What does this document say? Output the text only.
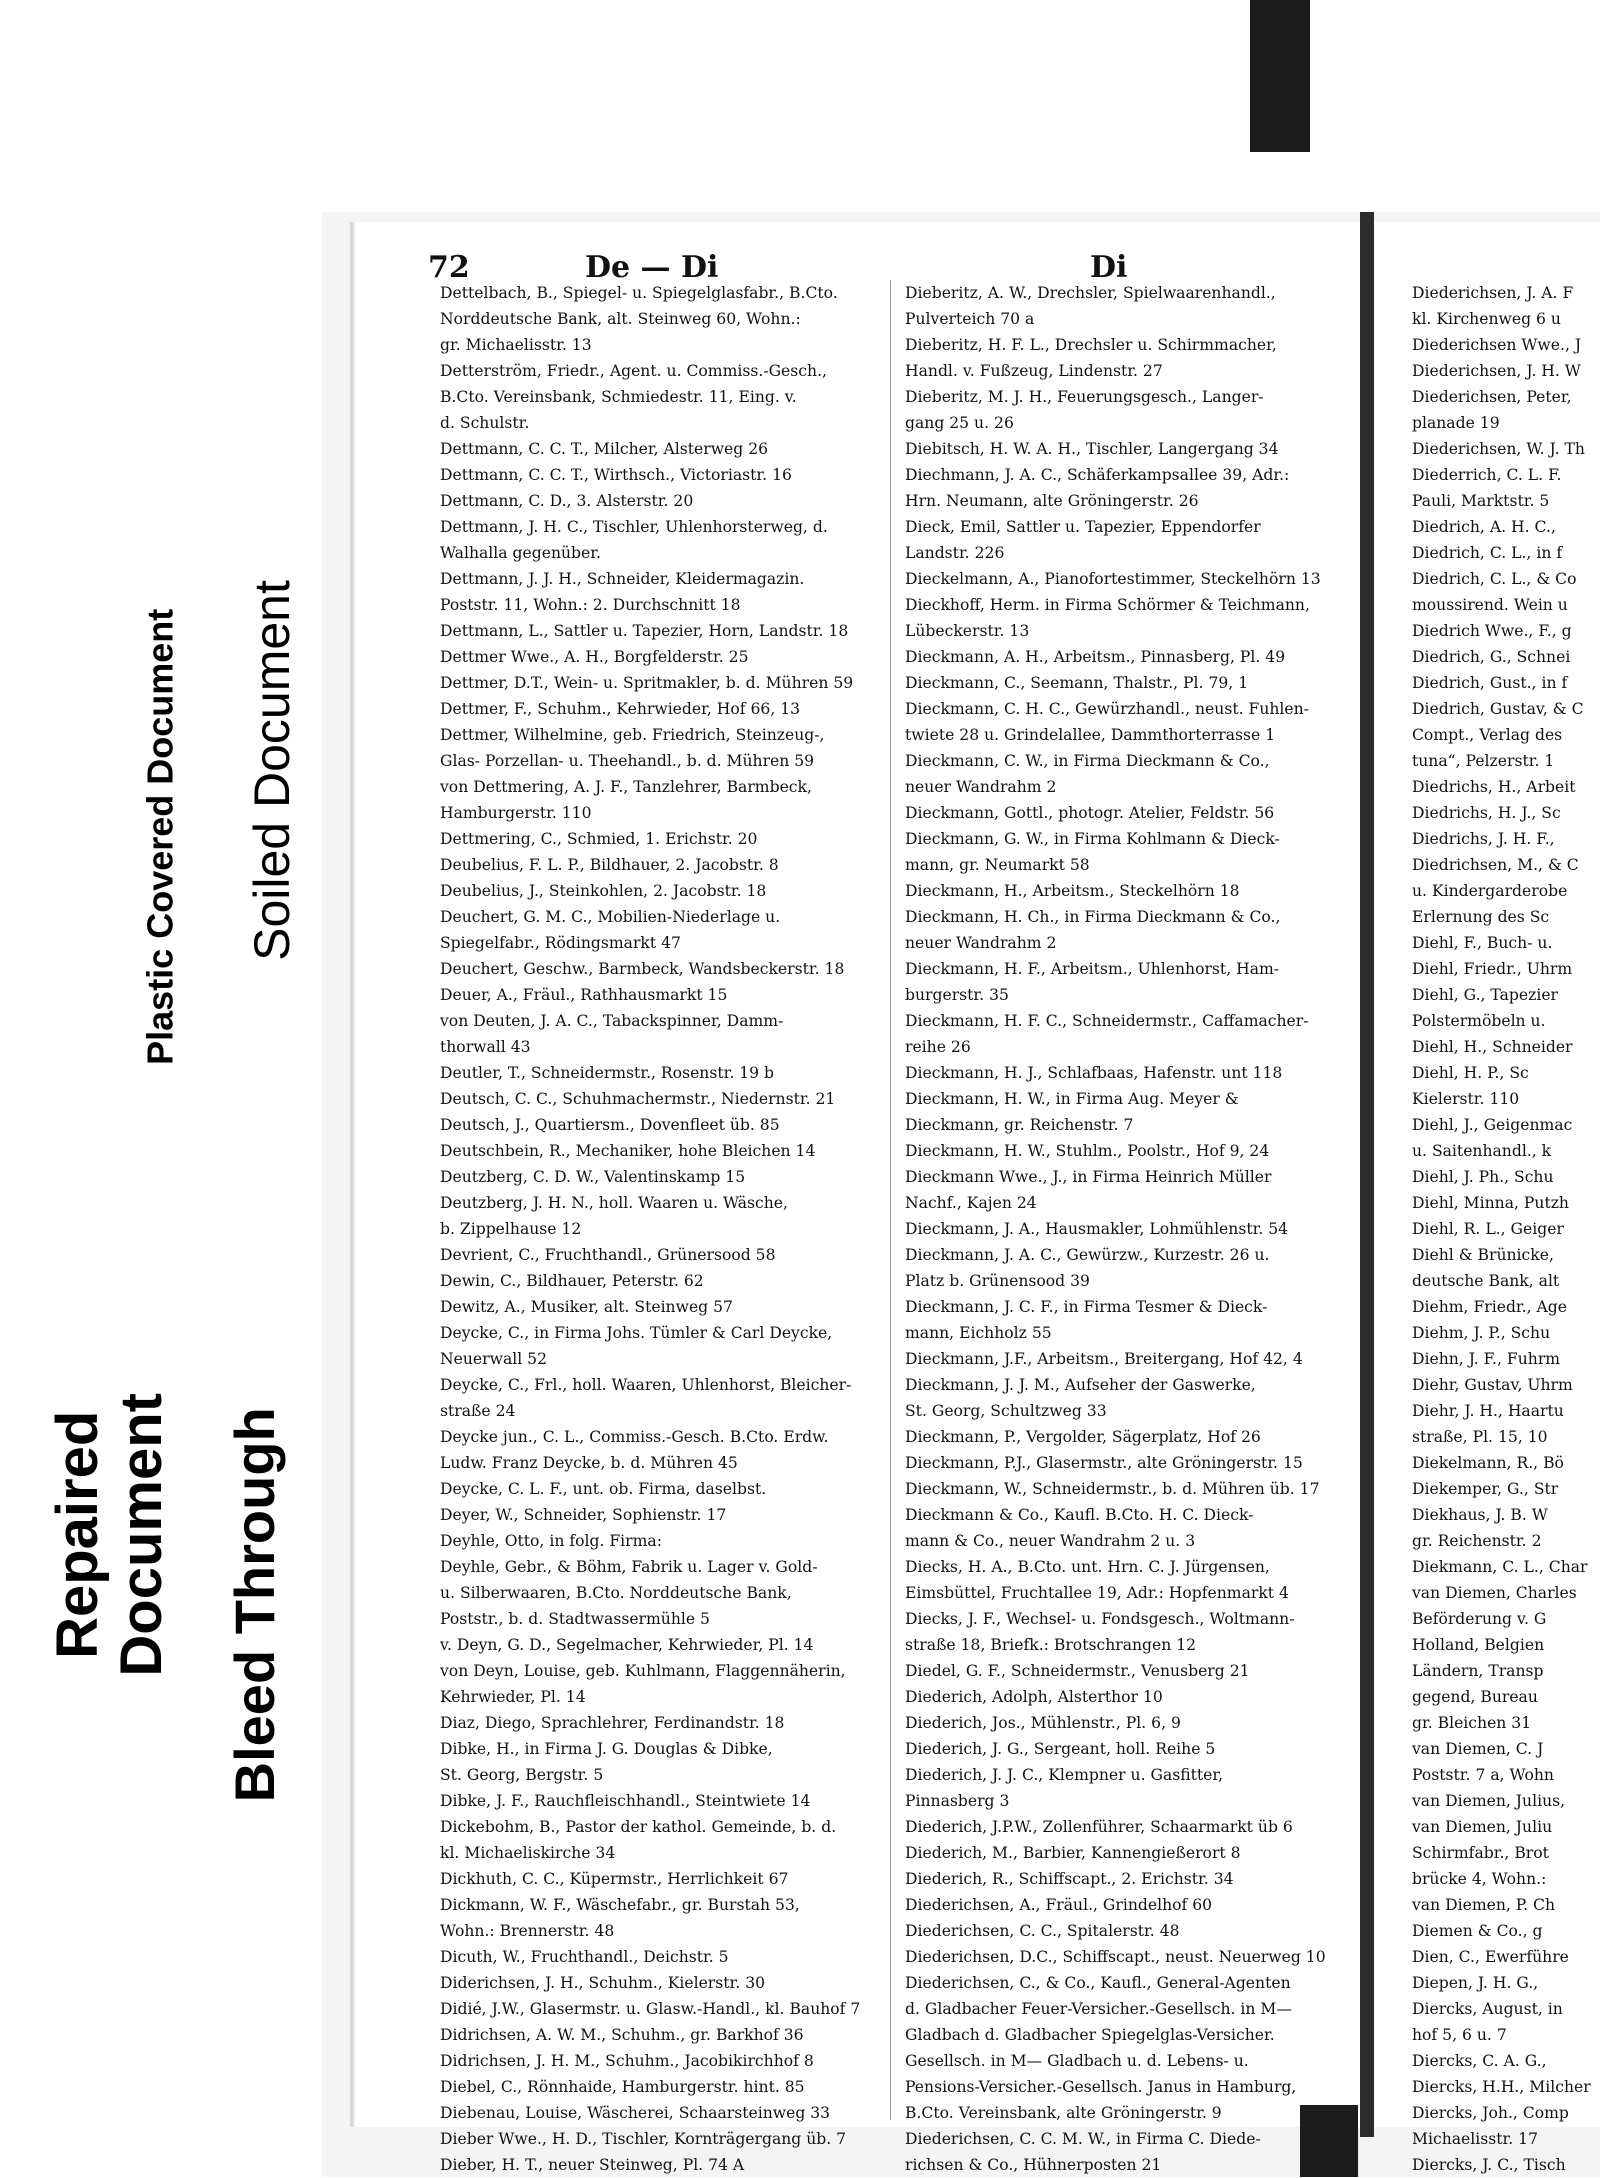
Plastic Covered Document Soiled Document
Repaired
Document Bleed Through
72	De — Di	Di
Dettelbach, B., Spiegel- u. Spiegelglasfabr., B.Cto.
Norddeutsche Bank, alt. Steinweg 60, Wohn.:
gr. Michaelisstr. 13
Detterström, Friedr., Agent. u. Commiss.-Gesch.,
B.Cto. Vereinsbank, Schmiedestr. 11, Eing. v.
d. Schulstr.
Dettmann, C. C. T., Milcher, Alsterweg 26
Dettmann, C. C. T., Wirthsch., Victoriastr. 16
Dettmann, C. D., 3. Alsterstr. 20
Dettmann, J. H. C., Tischler, Uhlenhorsterweg, d.
Walhalla gegenüber.
Dettmann, J. J. H., Schneider, Kleidermagazin.
Poststr. 11, Wohn.: 2. Durchschnitt 18
Dettmann, L., Sattler u. Tapezier, Horn, Landstr. 18
Dettmer Wwe., A. H., Borgfelderstr. 25
Dettmer, D.T., Wein- u. Spritmakler, b. d. Mühren 59
Dettmer, F., Schuhm., Kehrwieder, Hof 66, 13
Dettmer, Wilhelmine, geb. Friedrich, Steinzeug-,
Glas- Porzellan- u. Theehandl., b. d. Mühren 59
von Dettmering, A. J. F., Tanzlehrer, Barmbeck,
Hamburgerstr. 110
Dettmering, C., Schmied, 1. Erichstr. 20
Deubelius, F. L. P., Bildhauer, 2. Jacobstr. 8
Deubelius, J., Steinkohlen, 2. Jacobstr. 18
Deuchert, G. M. C., Mobilien-Niederlage u.
Spiegelfabr., Rödingsmarkt 47
Deuchert, Geschw., Barmbeck, Wandsbeckerstr. 18
Deuer, A., Fräul., Rathhausmarkt 15
von Deuten, J. A. C., Tabackspinner, Damm-
thorwall 43
Deutler, T., Schneidermstr., Rosenstr. 19 b
Deutsch, C. C., Schuhmachermstr., Niedernstr. 21
Deutsch, J., Quartiersm., Dovenfleet üb. 85
Deutschbein, R., Mechaniker, hohe Bleichen 14
Deutzberg, C. D. W., Valentinskamp 15
Deutzberg, J. H. N., holl. Waaren u. Wäsche,
b. Zippelhause 12
Devrient, C., Fruchthandl., Grünersood 58
Dewin, C., Bildhauer, Peterstr. 62
Dewitz, A., Musiker, alt. Steinweg 57
Deycke, C., in Firma Johs. Tümler & Carl Deycke,
Neuerwall 52
Deycke, C., Frl., holl. Waaren, Uhlenhorst, Bleicher-
straße 24
Deycke jun., C. L., Commiss.-Gesch. B.Cto. Erdw.
Ludw. Franz Deycke, b. d. Mühren 45
Deycke, C. L. F., unt. ob. Firma, daselbst.
Deyer, W., Schneider, Sophienstr. 17
Deyhle, Otto, in folg. Firma:
Deyhle, Gebr., & Böhm, Fabrik u. Lager v. Gold-
u. Silberwaaren, B.Cto. Norddeutsche Bank,
Poststr., b. d. Stadtwassermühle 5
v. Deyn, G. D., Segelmacher, Kehrwieder, Pl. 14
von Deyn, Louise, geb. Kuhlmann, Flaggennäherin,
Kehrwieder, Pl. 14
Diaz, Diego, Sprachlehrer, Ferdinandstr. 18
Dibke, H., in Firma J. G. Douglas & Dibke,
St. Georg, Bergstr. 5
Dibke, J. F., Rauchfleischhandl., Steintwiete 14
Dickebohm, B., Pastor der kathol. Gemeinde, b. d.
kl. Michaeliskirche 34
Dickhuth, C. C., Küpermstr., Herrlichkeit 67
Dickmann, W. F., Wäschefabr., gr. Burstah 53,
Wohn.: Brennerstr. 48
Dicuth, W., Fruchthandl., Deichstr. 5
Diderichsen, J. H., Schuhm., Kielerstr. 30
Didié, J.W., Glasermstr. u. Glasw.-Handl., kl. Bauhof 7
Didrichsen, A. W. M., Schuhm., gr. Barkhof 36
Didrichsen, J. H. M., Schuhm., Jacobikirchhof 8
Diebel, C., Rönnhaide, Hamburgerstr. hint. 85
Diebenau, Louise, Wäscherei, Schaarsteinweg 33
Dieber Wwe., H. D., Tischler, Kornträgergang üb. 7
Dieber, H. T., neuer Steinweg, Pl. 74 A
Dieberitz, A. W., Drechsler, Spielwaarenhandl.,
Pulverteich 70 a
Dieberitz, H. F. L., Drechsler u. Schirmmacher,
Handl. v. Fußzeug, Lindenstr. 27
Dieberitz, M. J. H., Feuerungsgesch., Langer-
gang 25 u. 26
Diebitsch, H. W. A. H., Tischler, Langergang 34
Diechmann, J. A. C., Schäferkampsallee 39, Adr.:
Hrn. Neumann, alte Gröningerstr. 26
Dieck, Emil, Sattler u. Tapezier, Eppendorfer
Landstr. 226
Dieckelmann, A., Pianofortestimmer, Steckelhörn 13
Dieckhoff, Herm. in Firma Schörmer & Teichmann,
Lübeckerstr. 13
Dieckmann, A. H., Arbeitsm., Pinnasberg, Pl. 49
Dieckmann, C., Seemann, Thalstr., Pl. 79, 1
Dieckmann, C. H. C., Gewürzhandl., neust. Fuhlen-
twiete 28 u. Grindelallee, Dammthorterrasse 1
Dieckmann, C. W., in Firma Dieckmann & Co.,
neuer Wandrahm 2
Dieckmann, Gottl., photogr. Atelier, Feldstr. 56
Dieckmann, G. W., in Firma Kohlmann & Dieck-
mann, gr. Neumarkt 58
Dieckmann, H., Arbeitsm., Steckelhörn 18
Dieckmann, H. Ch., in Firma Dieckmann & Co.,
neuer Wandrahm 2
Dieckmann, H. F., Arbeitsm., Uhlenhorst, Ham-
burgerstr. 35
Dieckmann, H. F. C., Schneidermstr., Caffamacher-
reihe 26
Dieckmann, H. J., Schlafbaas, Hafenstr. unt 118
Dieckmann, H. W., in Firma Aug. Meyer &
Dieckmann, gr. Reichenstr. 7
Dieckmann, H. W., Stuhlm., Poolstr., Hof 9, 24
Dieckmann Wwe., J., in Firma Heinrich Müller
Nachf., Kajen 24
Dieckmann, J. A., Hausmakler, Lohmühlenstr. 54
Dieckmann, J. A. C., Gewürzw., Kurzestr. 26 u.
Platz b. Grünensood 39
Dieckmann, J. C. F., in Firma Tesmer & Dieck-
mann, Eichholz 55
Dieckmann, J.F., Arbeitsm., Breitergang, Hof 42, 4
Dieckmann, J. J. M., Aufseher der Gaswerke,
St. Georg, Schultzweg 33
Dieckmann, P., Vergolder, Sägerplatz, Hof 26
Dieckmann, P.J., Glasermstr., alte Gröningerstr. 15
Dieckmann, W., Schneidermstr., b. d. Mühren üb. 17
Dieckmann & Co., Kaufl. B.Cto. H. C. Dieck-
mann & Co., neuer Wandrahm 2 u. 3
Diecks, H. A., B.Cto. unt. Hrn. C. J. Jürgensen,
Eimsbüttel, Fruchtallee 19, Adr.: Hopfenmarkt 4
Diecks, J. F., Wechsel- u. Fondsgesch., Woltmann-
straße 18, Briefk.: Brotschrangen 12
Diedel, G. F., Schneidermstr., Venusberg 21
Diederich, Adolph, Alsterthor 10
Diederich, Jos., Mühlenstr., Pl. 6, 9
Diederich, J. G., Sergeant, holl. Reihe 5
Diederich, J. J. C., Klempner u. Gasfitter,
Pinnasberg 3
Diederich, J.P.W., Zollenführer, Schaarmarkt üb 6
Diederich, M., Barbier, Kannengießerort 8
Diederich, R., Schiffscapt., 2. Erichstr. 34
Diederichsen, A., Fräul., Grindelhof 60
Diederichsen, C. C., Spitalerstr. 48
Diederichsen, D.C., Schiffscapt., neust. Neuerweg 10
Diederichsen, C., & Co., Kaufl., General-Agenten
d. Gladbacher Feuer-Versicher.-Gesellsch. in M—
Gladbach d. Gladbacher Spiegelglas-Versicher.
Gesellsch. in M— Gladbach u. d. Lebens- u.
Pensions-Versicher.-Gesellsch. Janus in Hamburg,
B.Cto. Vereinsbank, alte Gröningerstr. 9
Diederichsen, C. C. M. W., in Firma C. Diede-
richsen & Co., Hühnerposten 21
Diederichsen, J. A. F
kl. Kirchenweg 6 u
Diederichsen Wwe., J
Diederichsen, J. H. W
Diederichsen, Peter,
planade 19
Diederichsen, W. J. Th
Diederrich, C. L. F.
Pauli, Marktstr. 5
Diedrich, A. H. C.,
Diedrich, C. L., in f
Diedrich, C. L., & Co
moussirend. Wein u
Diedrich Wwe., F., g
Diedrich, G., Schnei
Diedrich, Gust., in f
Diedrich, Gustav, & C
Compt., Verlag des
tuna“, Pelzerstr. 1
Diedrichs, H., Arbeit
Diedrichs, H. J., Sc
Diedrichs, J. H. F.,
Diedrichsen, M., & C
u. Kindergarderobe
Erlernung des Sc
Diehl, F., Buch- u.
Diehl, Friedr., Uhrm
Diehl, G., Tapezier
Polstermöbeln u.
Diehl, H., Schneider
Diehl, H. P., Sc
Kielerstr. 110
Diehl, J., Geigenmac
u. Saitenhandl., k
Diehl, J. Ph., Schu
Diehl, Minna, Putzh
Diehl, R. L., Geiger
Diehl & Brünicke,
deutsche Bank, alt
Diehm, Friedr., Age
Diehm, J. P., Schu
Diehn, J. F., Fuhrm
Diehr, Gustav, Uhrm
Diehr, J. H., Haartu
straße, Pl. 15, 10
Diekelmann, R., Bö
Diekemper, G., Str
Diekhaus, J. B. W
gr. Reichenstr. 2
Diekmann, C. L., Char
van Diemen, Charles
Beförderung v. G
Holland, Belgien
Ländern, Transp
gegend, Bureau
gr. Bleichen 31
van Diemen, C. J
Poststr. 7 a, Wohn
van Diemen, Julius,
van Diemen, Juliu
Schirmfabr., Brot
brücke 4, Wohn.:
van Diemen, P. Ch
Diemen & Co., g
Dien, C., Ewerführe
Diepen, J. H. G.,
Diercks, August, in
hof 5, 6 u. 7
Diercks, C. A. G.,
Diercks, H.H., Milcher
Diercks, Joh., Comp
Michaelisstr. 17
Diercks, J. C., Tisch
